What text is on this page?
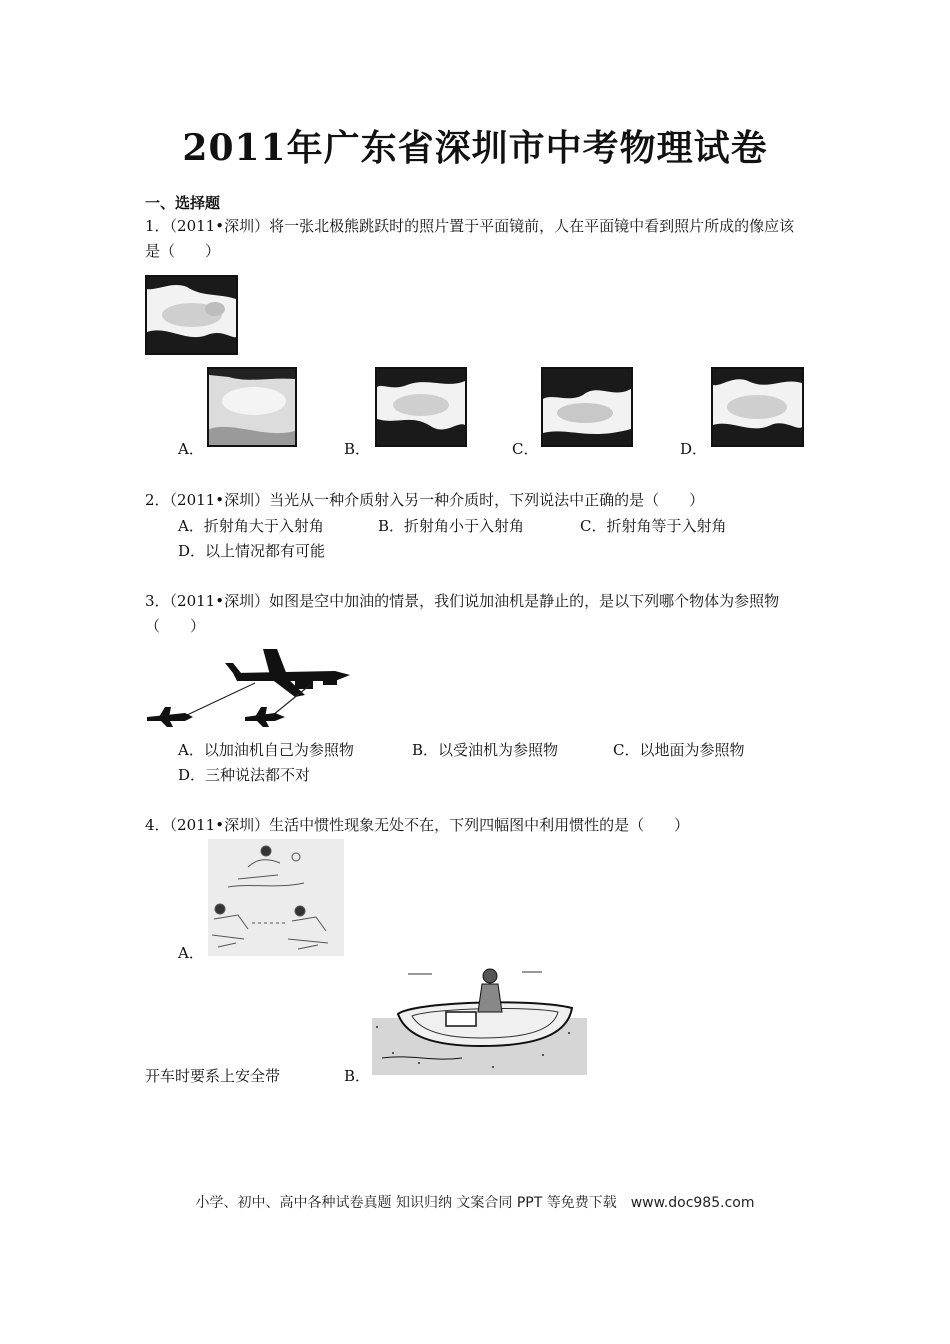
2011年广东省深圳市中考物理试卷
一、选择题
1．（2011•深圳）将一张北极熊跳跃时的照片置于平面镜前，人在平面镜中看到照片所成的像应该是（　　）
A．	B．	C．	D．
2．（2011•深圳）当光从一种介质射入另一种介质时，下列说法中正确的是（　　）
A．折射角大于入射角	B．折射角小于入射角	C．折射角等于入射角
D．以上情况都有可能
3．（2011•深圳）如图是空中加油的情景，我们说加油机是静止的，是以下列哪个物体为参照物（　　）
A．以加油机自己为参照物	B．以受油机为参照物	C．以地面为参照物
D．三种说法都不对
4．（2011•深圳）生活中惯性现象无处不在，下列四幅图中利用惯性的是（　　）
A．
开车时要系上安全带	B．
小学、初中、高中各种试卷真题 知识归纳 文案合同 PPT 等免费下载　www.doc985.com
